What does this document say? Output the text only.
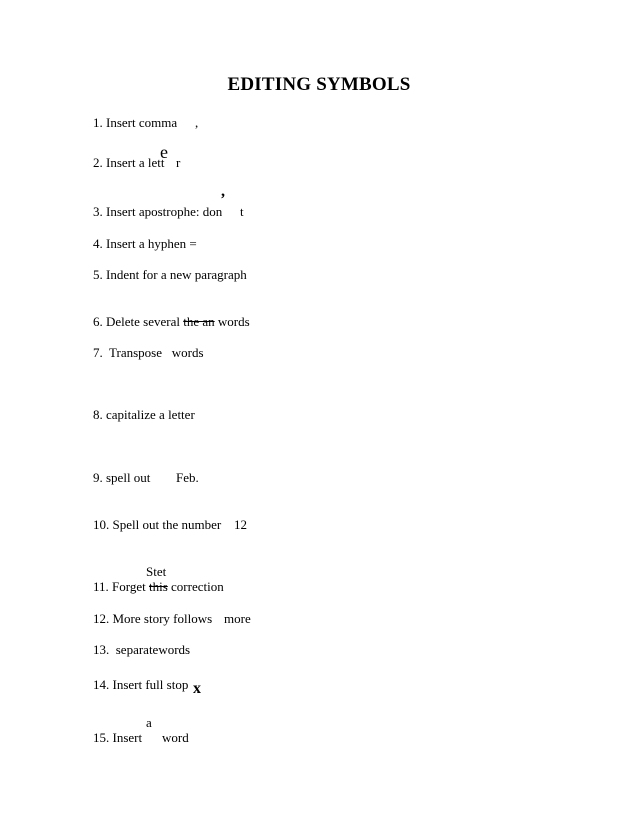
EDITING SYMBOLS
1. Insert comma ,
2. Insert a lett
e
r
,
3. Insert apostrophe: don t
4. Insert a hyphen =
5. Indent for a new paragraph
6. Delete several the an words
7.  Transpose   words
8. capitalize a letter
9. spell out Feb.
10. Spell out the number 12
Stet
11. Forget this correction
12. More story follows more
13.  separatewords
14. Insert full stop x
a
15. Insert word
